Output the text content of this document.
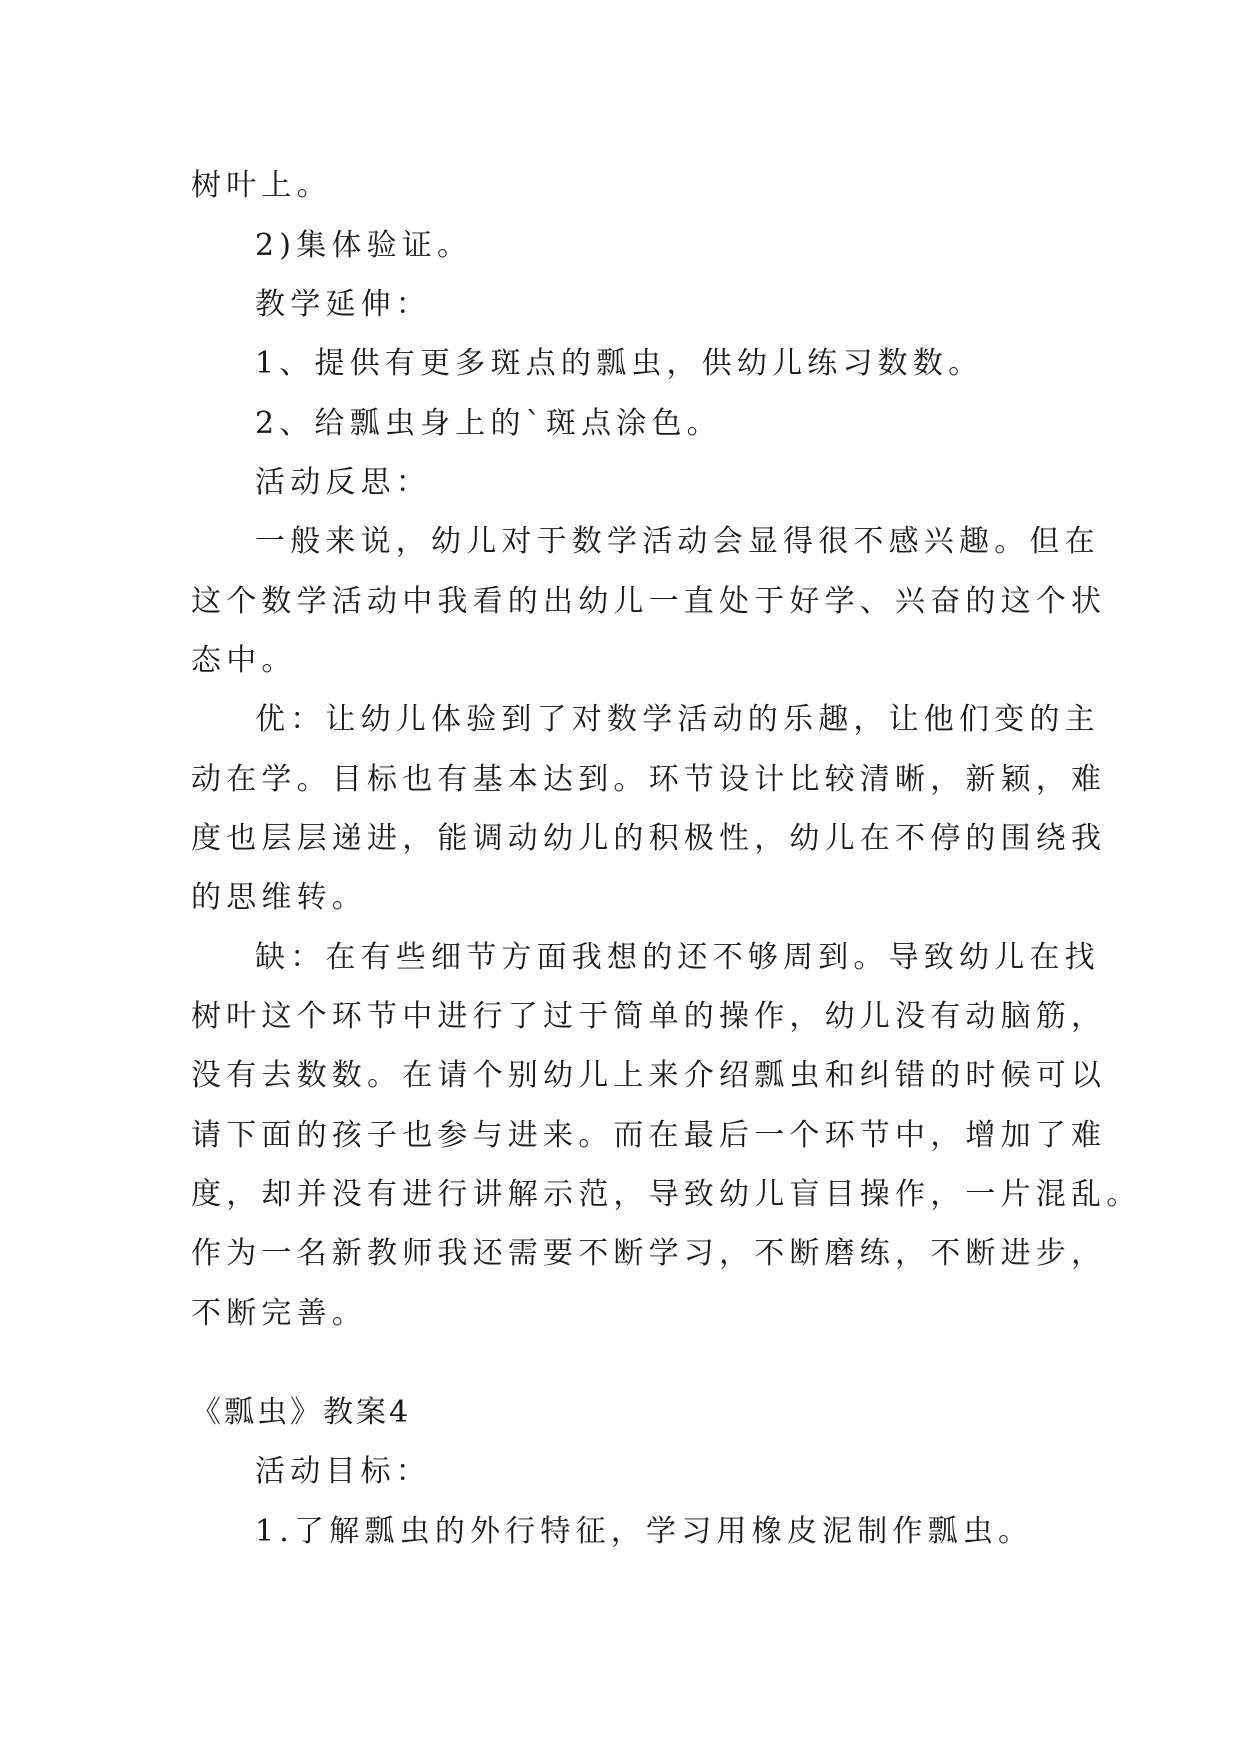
树叶上。
2)集体验证。
教学延伸：
1、提供有更多斑点的瓢虫，供幼儿练习数数。
2、给瓢虫身上的`斑点涂色。
活动反思：
一般来说，幼儿对于数学活动会显得很不感兴趣。但在
这个数学活动中我看的出幼儿一直处于好学、兴奋的这个状
态中。
优：让幼儿体验到了对数学活动的乐趣，让他们变的主
动在学。目标也有基本达到。环节设计比较清晰，新颖，难
度也层层递进，能调动幼儿的积极性，幼儿在不停的围绕我
的思维转。
缺：在有些细节方面我想的还不够周到。导致幼儿在找
树叶这个环节中进行了过于简单的操作，幼儿没有动脑筋，
没有去数数。在请个别幼儿上来介绍瓢虫和纠错的时候可以
请下面的孩子也参与进来。而在最后一个环节中，增加了难
度，却并没有进行讲解示范，导致幼儿盲目操作，一片混乱。
作为一名新教师我还需要不断学习，不断磨练，不断进步，
不断完善。
《瓢虫》教案4
活动目标：
1.了解瓢虫的外行特征，学习用橡皮泥制作瓢虫。
